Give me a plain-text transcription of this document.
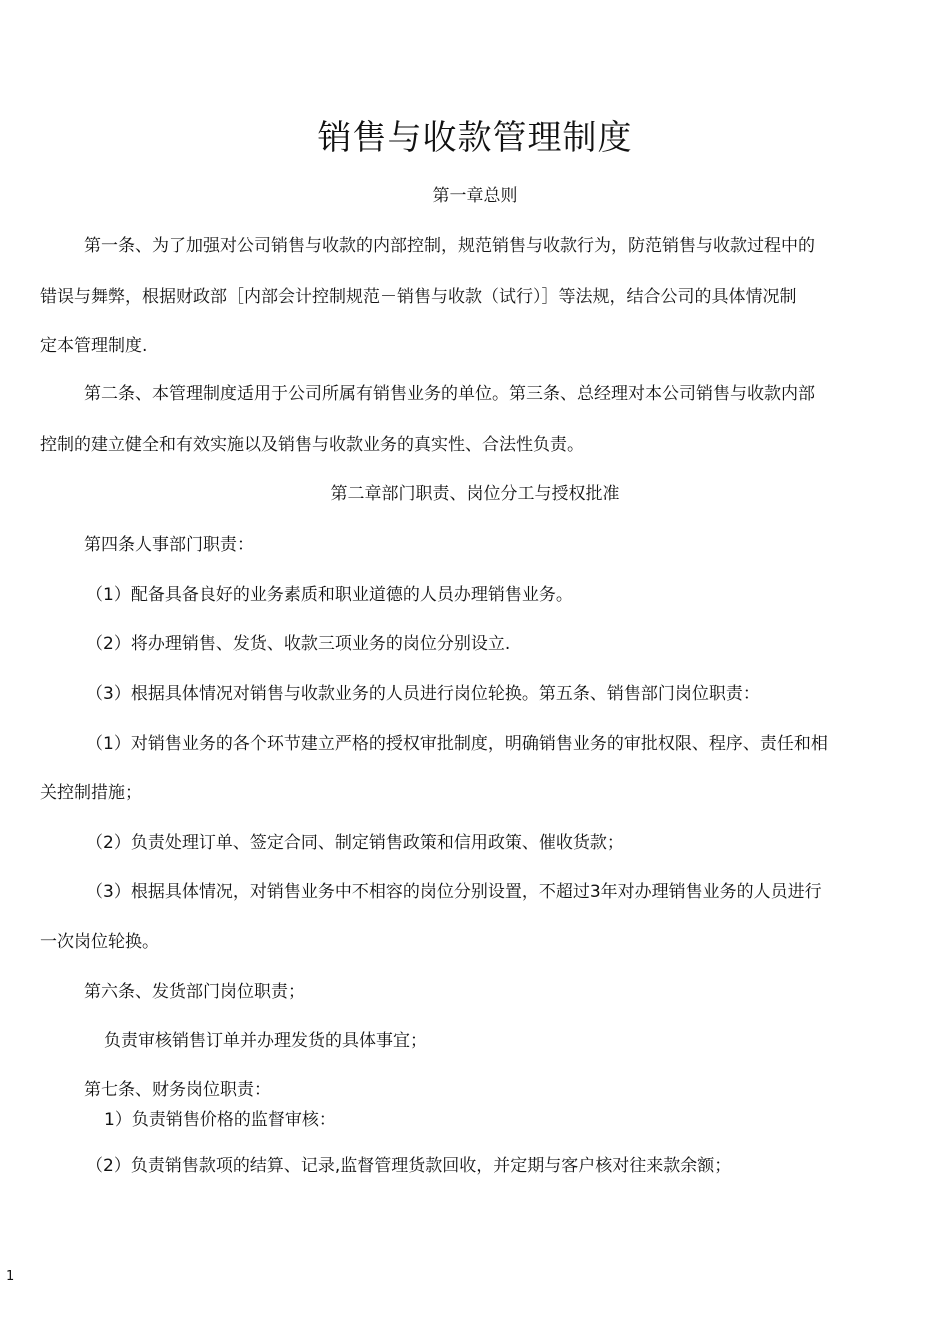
销售与收款管理制度
第一章总则
第一条、为了加强对公司销售与收款的内部控制，规范销售与收款行为，防范销售与收款过程中的
错误与舞弊，根据财政部［内部会计控制规范－销售与收款（试行）］等法规，结合公司的具体情况制
定本管理制度.
第二条、本管理制度适用于公司所属有销售业务的单位。第三条、总经理对本公司销售与收款内部
控制的建立健全和有效实施以及销售与收款业务的真实性、合法性负责。
第二章部门职责、岗位分工与授权批准
第四条人事部门职责：
（1）配备具备良好的业务素质和职业道德的人员办理销售业务。
（2）将办理销售、发货、收款三项业务的岗位分别设立.
（3）根据具体情况对销售与收款业务的人员进行岗位轮换。第五条、销售部门岗位职责：
（1）对销售业务的各个环节建立严格的授权审批制度，明确销售业务的审批权限、程序、责任和相
关控制措施；
（2）负责处理订单、签定合同、制定销售政策和信用政策、催收货款；
（3）根据具体情况，对销售业务中不相容的岗位分别设置，不超过3年对办理销售业务的人员进行
一次岗位轮换。
第六条、发货部门岗位职责；
负责审核销售订单并办理发货的具体事宜；
第七条、财务岗位职责：
1）负责销售价格的监督审核：
（2）负责销售款项的结算、记录,监督管理货款回收，并定期与客户核对往来款余额；
1
